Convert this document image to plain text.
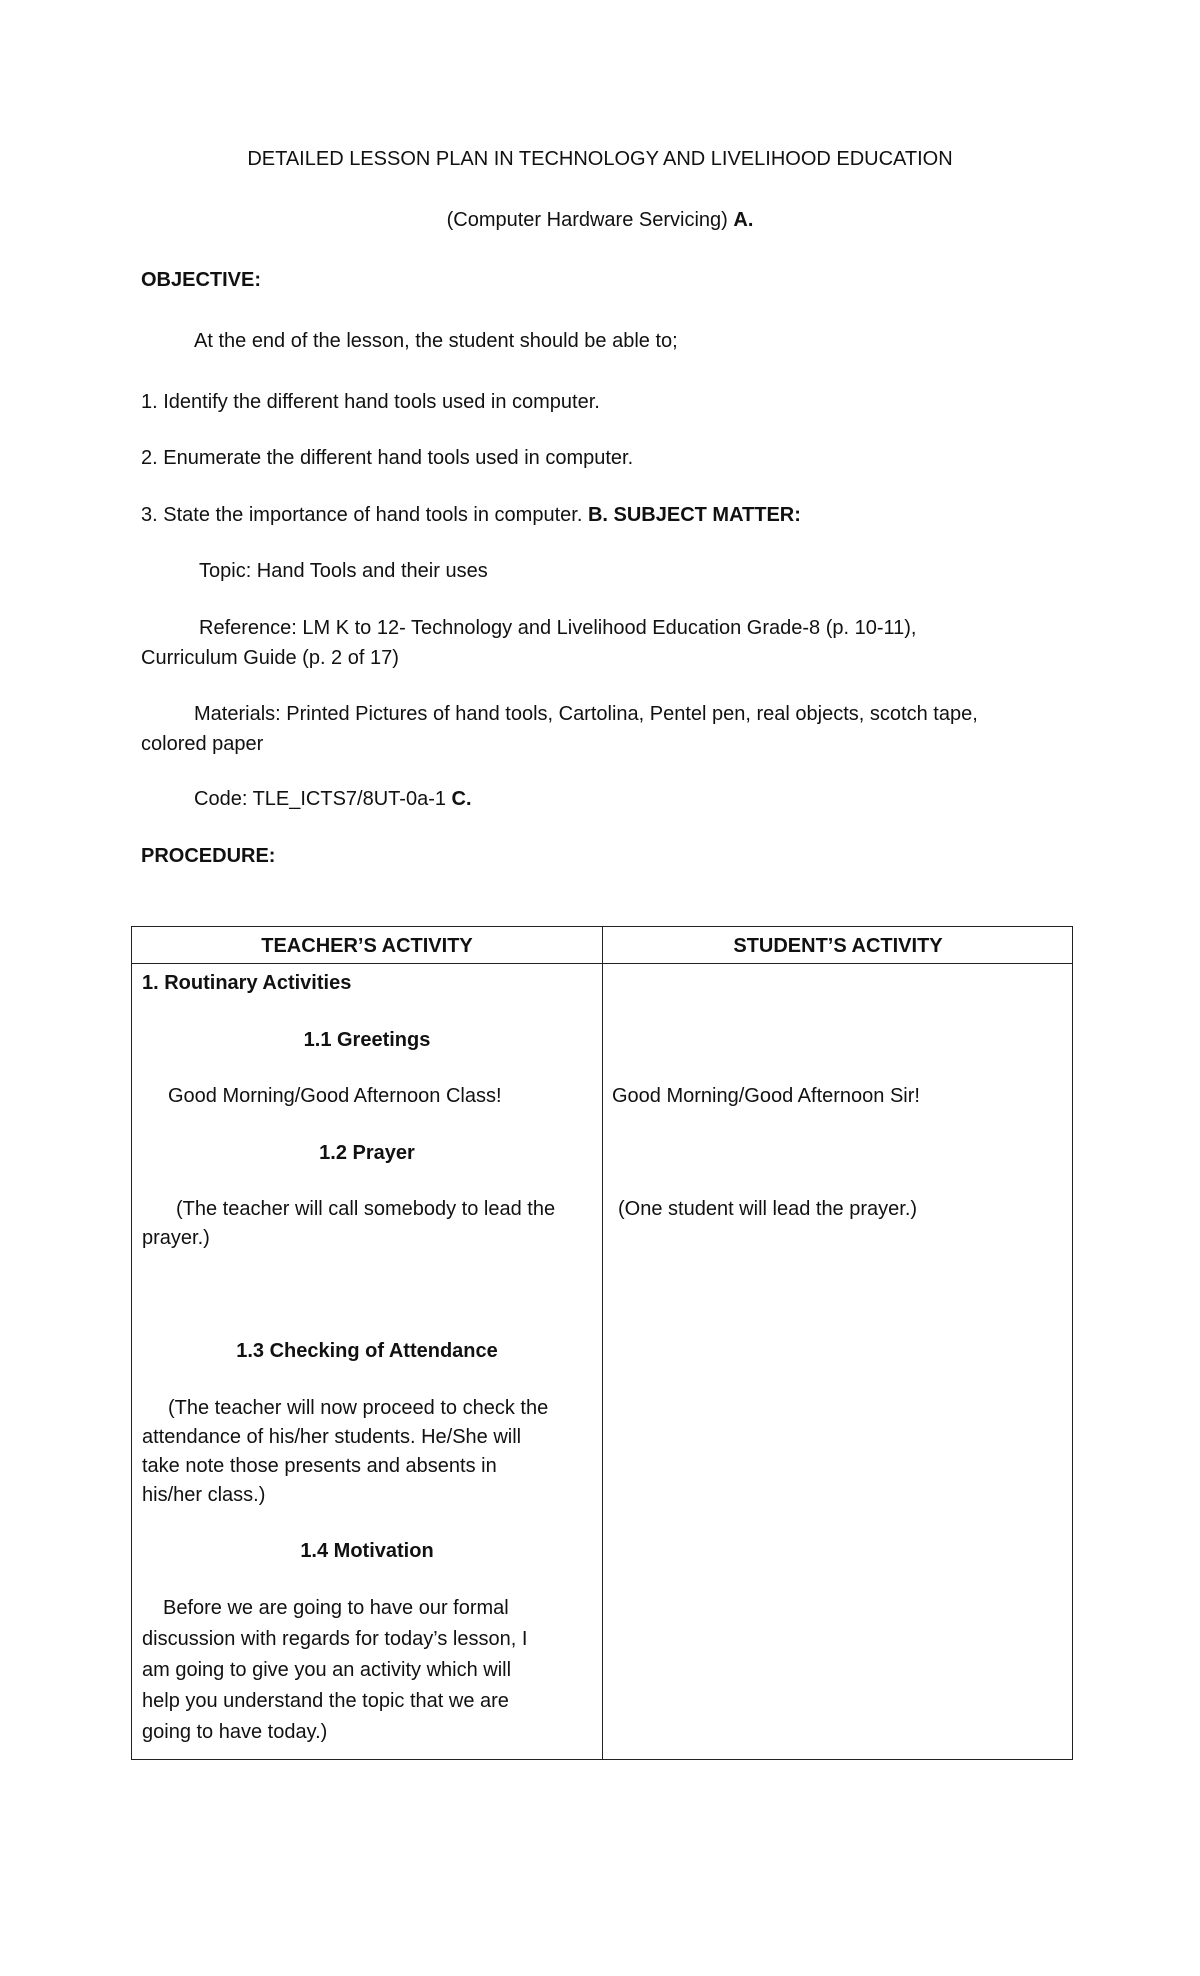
DETAILED LESSON PLAN IN TECHNOLOGY AND LIVELIHOOD EDUCATION
(Computer Hardware Servicing) A.
OBJECTIVE:
At the end of the lesson, the student should be able to;
1. Identify the different hand tools used in computer.
2. Enumerate the different hand tools used in computer.
3. State the importance of hand tools in computer. B. SUBJECT MATTER:
Topic: Hand Tools and their uses
Reference: LM K to 12- Technology and Livelihood Education Grade-8 (p. 10-11),
Curriculum Guide (p. 2 of 17)
Materials: Printed Pictures of hand tools, Cartolina, Pentel pen, real objects, scotch tape,
colored paper
Code: TLE_ICTS7/8UT-0a-1 C.
PROCEDURE:
TEACHER’S ACTIVITY	STUDENT’S ACTIVITY
1. Routinary Activities
1.1 Greetings
Good Morning/Good Afternoon Class!
1.2 Prayer
(The teacher will call somebody to lead the
prayer.)
1.3 Checking of Attendance
(The teacher will now proceed to check the
attendance of his/her students. He/She will
take note those presents and absents in
his/her class.)
1.4 Motivation
Before we are going to have our formal
discussion with regards for today’s lesson, I
am going to give you an activity which will
help you understand the topic that we are
going to have today.)
Good Morning/Good Afternoon Sir!
(One student will lead the prayer.)
